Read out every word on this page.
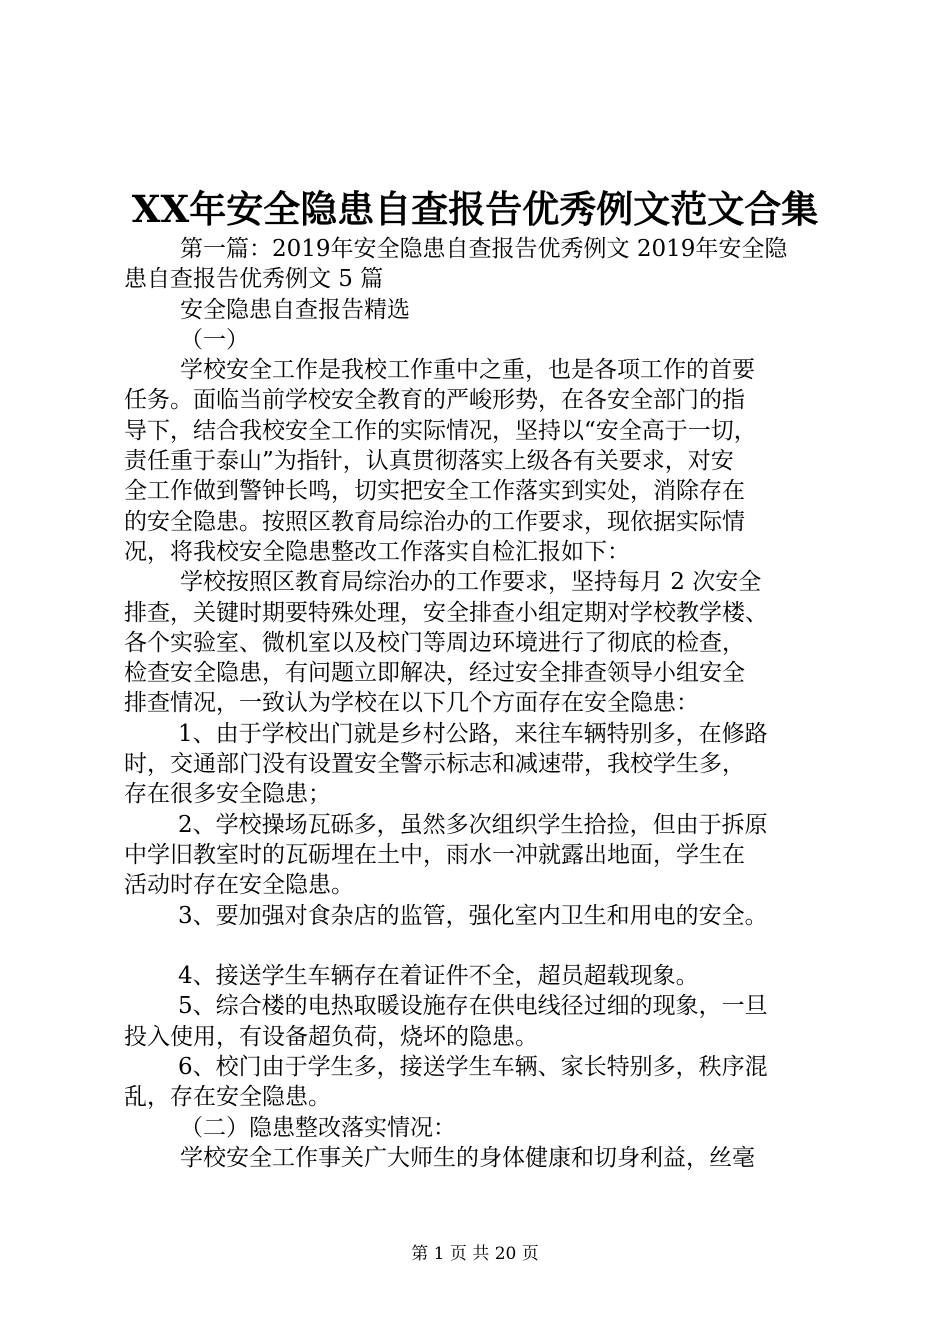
XX年安全隐患自查报告优秀例文范文合集
第一篇：2019年安全隐患自查报告优秀例文 2019年安全隐
患自查报告优秀例文 5 篇
安全隐患自查报告精选
（一）
学校安全工作是我校工作重中之重，也是各项工作的首要
任务。面临当前学校安全教育的严峻形势，在各安全部门的指
导下，结合我校安全工作的实际情况，坚持以“安全高于一切，
责任重于泰山”为指针，认真贯彻落实上级各有关要求，对安
全工作做到警钟长鸣，切实把安全工作落实到实处，消除存在
的安全隐患。按照区教育局综治办的工作要求，现依据实际情
况，将我校安全隐患整改工作落实自检汇报如下：
学校按照区教育局综治办的工作要求，坚持每月 2 次安全
排查，关键时期要特殊处理，安全排查小组定期对学校教学楼、
各个实验室、微机室以及校门等周边环境进行了彻底的检查，
检查安全隐患，有问题立即解决，经过安全排查领导小组安全
排查情况，一致认为学校在以下几个方面存在安全隐患：
1、由于学校出门就是乡村公路，来往车辆特别多，在修路
时，交通部门没有设置安全警示标志和减速带，我校学生多，
存在很多安全隐患；
2、学校操场瓦砾多，虽然多次组织学生拾捡，但由于拆原
中学旧教室时的瓦砺埋在土中，雨水一冲就露出地面，学生在
活动时存在安全隐患。
3、要加强对食杂店的监管，强化室内卫生和用电的安全。
4、接送学生车辆存在着证件不全，超员超载现象。
5、综合楼的电热取暖设施存在供电线径过细的现象，一旦
投入使用，有设备超负荷，烧坏的隐患。
6、校门由于学生多，接送学生车辆、家长特别多，秩序混
乱，存在安全隐患。
（二）隐患整改落实情况：
学校安全工作事关广大师生的身体健康和切身利益，丝毫
第 1 页 共 20 页
